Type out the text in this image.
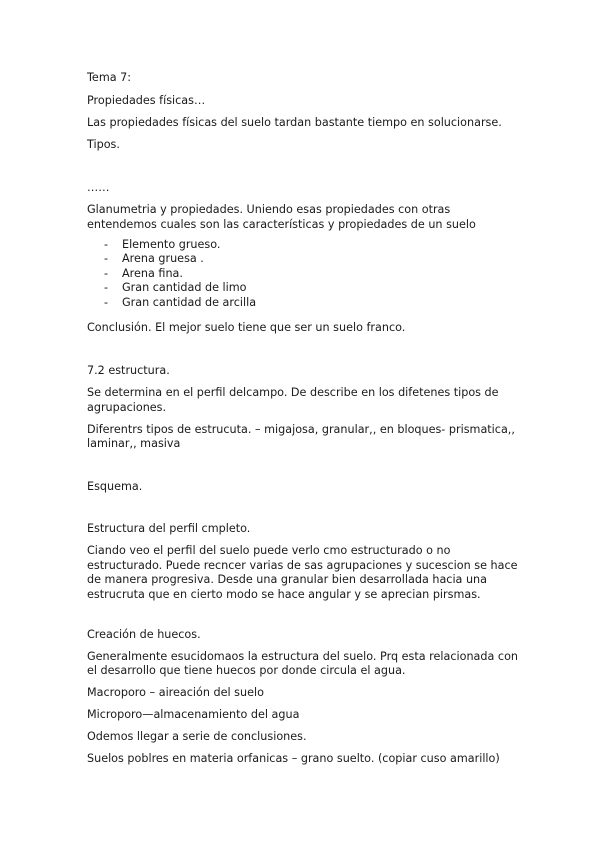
Tema 7:
Propiedades físicas…
Las propiedades físicas del suelo tardan bastante tiempo en solucionarse.
Tipos.
……
Glanumetria y propiedades. Uniendo esas propiedades con otras
entendemos cuales son las características y propiedades de un suelo
- Elemento grueso.
- Arena gruesa .
- Arena fina.
- Gran cantidad de limo
- Gran cantidad de arcilla
Conclusión. El mejor suelo tiene que ser un suelo franco.
7.2 estructura.
Se determina en el perfil delcampo. De describe en los difetenes tipos de
agrupaciones.
Diferentrs tipos de estrucuta. – migajosa, granular,, en bloques- prismatica,,
laminar,, masiva
Esquema.
Estructura del perfil cmpleto.
Ciando veo el perfil del suelo puede verlo cmo estructurado o no
estructurado. Puede recncer varias de sas agrupaciones y sucescion se hace
de manera progresiva. Desde una granular bien desarrollada hacia una
estrucruta que en cierto modo se hace angular y se aprecian pirsmas.
Creación de huecos.
Generalmente esucidomaos la estructura del suelo. Prq esta relacionada con
el desarrollo que tiene huecos por donde circula el agua.
Macroporo – aireación del suelo
Microporo—almacenamiento del agua
Odemos llegar a serie de conclusiones.
Suelos poblres en materia orfanicas – grano suelto. (copiar cuso amarillo)
